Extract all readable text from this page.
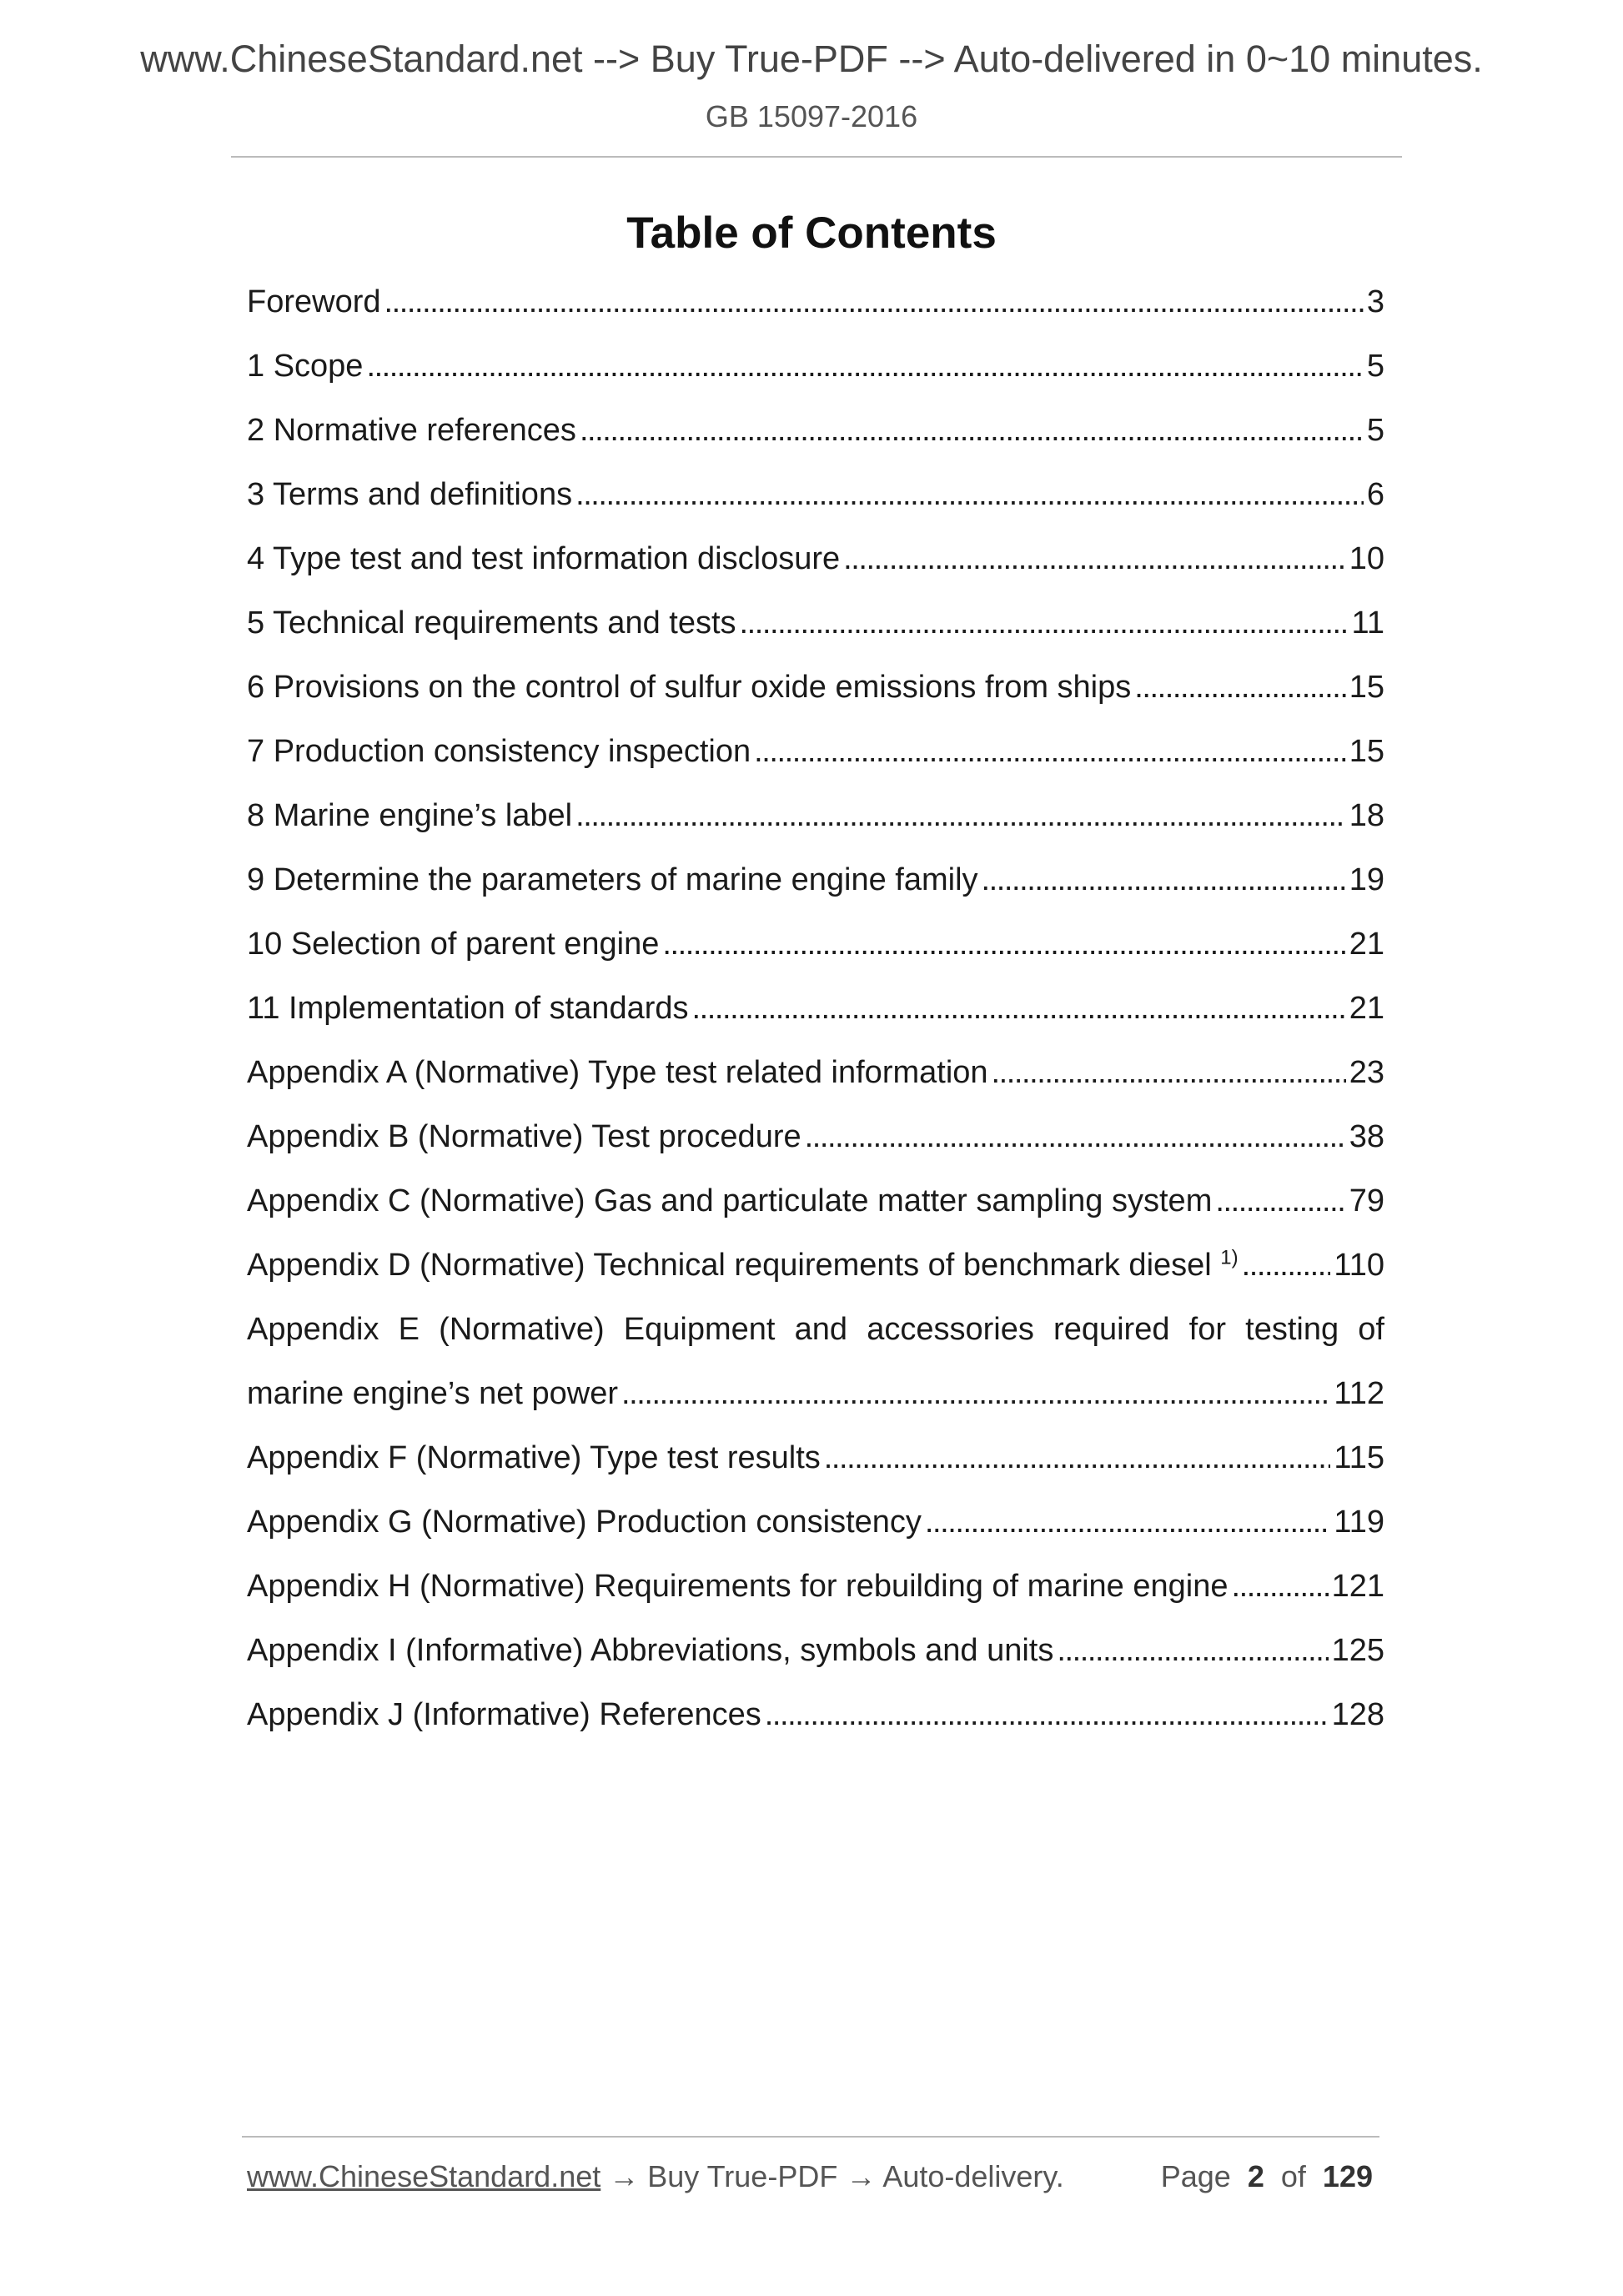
www.ChineseStandard.net --> Buy True-PDF --> Auto-delivered in 0~10 minutes.
GB 15097-2016
Table of Contents
Foreword . . .	3
1 Scope . . .	5
2 Normative references . . .	5
3 Terms and definitions . . .	6
4 Type test and test information disclosure . . .	10
5 Technical requirements and tests . . .	11
6 Provisions on the control of sulfur oxide emissions from ships . . .	15
7 Production consistency inspection . . .	15
8 Marine engine’s label . . .	18
9 Determine the parameters of marine engine family . . .	19
10 Selection of parent engine . . .	21
11 Implementation of standards . . .	21
Appendix A (Normative) Type test related information . . .	23
Appendix B (Normative) Test procedure . . .	38
Appendix C (Normative) Gas and particulate matter sampling system . . .	79
Appendix D (Normative) Technical requirements of benchmark diesel $^{1)}$ . . .	110
Appendix E (Normative) Equipment and accessories required for testing of
marine engine’s net power . . .	112
Appendix F (Normative) Type test results . . .	115
Appendix G (Normative) Production consistency . . .	119
Appendix H (Normative) Requirements for rebuilding of marine engine . . .	121
Appendix I (Informative) Abbreviations, symbols and units . . .	125
Appendix J (Informative) References . . .	128
www.ChineseStandard.net → Buy True-PDF → Auto-delivery.	Page 2 of 129
